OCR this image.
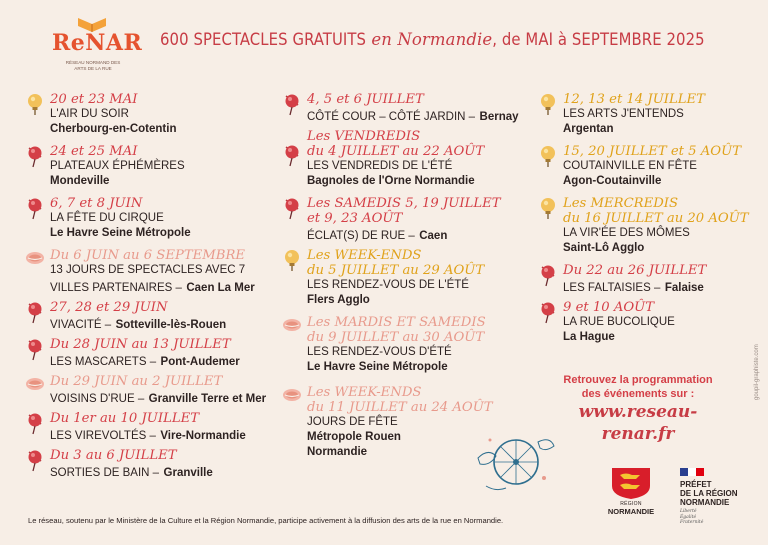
ReNAR
RÉSEAU NORMAND DES ARTS DE LA RUE
600 SPECTACLES GRATUITS en Normandie, de MAI à SEPTEMBRE 2025
20 et 23 MAI
L'AIR DU SOIR
Cherbourg-en-Cotentin
24 et 25 MAI
PLATEAUX ÉPHÉMÈRES
Mondeville
6, 7 et 8 JUIN
LA FÊTE DU CIRQUE
Le Havre Seine Métropole
Du 6 JUIN au 6 SEPTEMBRE
13 JOURS DE SPECTACLES AVEC 7
VILLES PARTENAIRES – Caen La Mer
27, 28 et 29 JUIN
VIVACITÉ – Sotteville-lès-Rouen
Du 28 JUIN au 13 JUILLET
LES MASCARETS – Pont-Audemer
Du 29 JUIN au 2 JUILLET
VOISINS D'RUE – Granville Terre et Mer
Du 1er au 10 JUILLET
LES VIREVOLTÉS – Vire-Normandie
Du 3 au 6 JUILLET
SORTIES DE BAIN – Granville
4, 5 et 6 JUILLET
CÔTÉ COUR – CÔTÉ JARDIN – Bernay
Les VENDREDIS
du 4 JUILLET au 22 AOÛT
LES VENDREDIS DE L'ÉTÉ
Bagnoles de l'Orne Normandie
Les SAMEDIS 5, 19 JUILLET
et 9, 23 AOÛT
ÉCLAT(S) DE RUE – Caen
Les WEEK-ENDS
du 5 JUILLET au 29 AOÛT
LES RENDEZ-VOUS DE L'ÉTÉ
Flers Agglo
Les MARDIS ET SAMEDIS
du 9 JUILLET au 30 AOÛT
LES RENDEZ-VOUS D'ÉTÉ
Le Havre Seine Métropole
Les WEEK-ENDS
du 11 JUILLET au 24 AOÛT
JOURS DE FÊTE
Métropole Rouen
Normandie
12, 13 et 14 JUILLET
LES ARTS J'ENTENDS
Argentan
15, 20 JUILLET et 5 AOÛT
COUTAINVILLE EN FÊTE
Agon-Coutainville
Les MERCREDIS
du 16 JUILLET au 20 AOÛT
LA VIR'ÉE DES MÔMES
Saint-Lô Agglo
Du 22 au 26 JUILLET
LES FALTAISIES – Falaise
9 et 10 AOÛT
LA RUE BUCOLIQUE
La Hague
Retrouvez la programmation
des événements sur :
www.reseau-renar.fr
Le réseau, soutenu par le Ministère de la Culture et la Région Normandie, participe activement à la diffusion des arts de la rue en Normandie.
goupil-graphiste.com
RÉGION
NORMANDIE
PRÉFET
DE LA RÉGION
NORMANDIE
Liberté
Égalité
Fraternité
